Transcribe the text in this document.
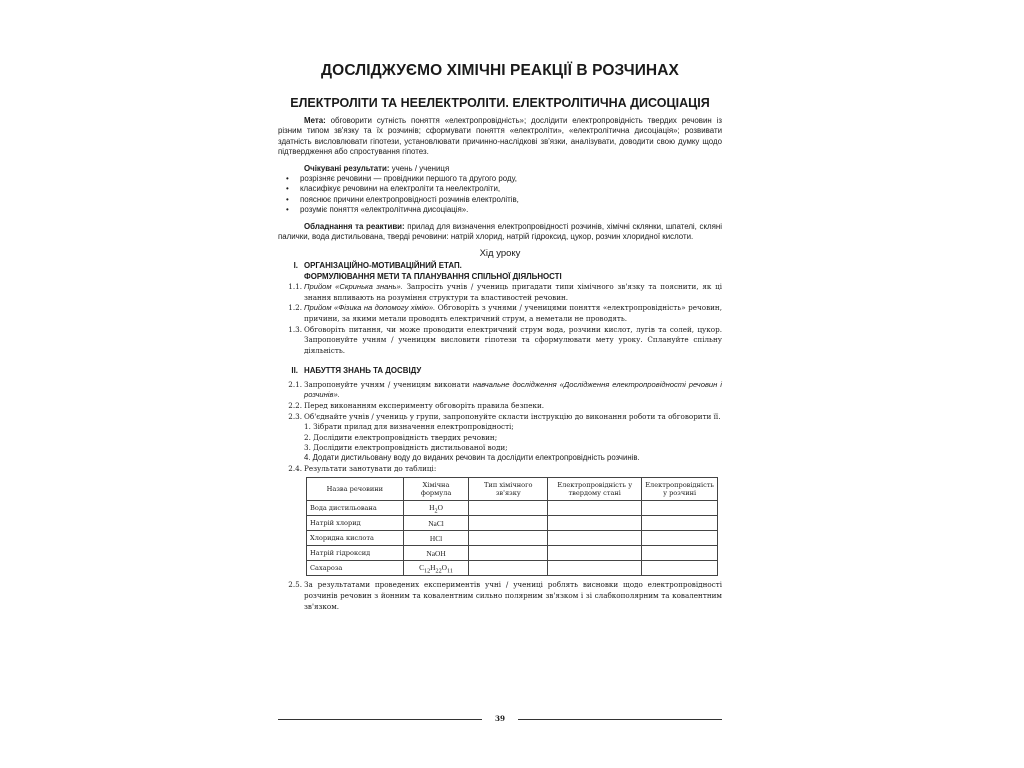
ДОСЛІДЖУЄМО ХІМІЧНІ РЕАКЦІЇ В РОЗЧИНАХ
ЕЛЕКТРОЛІТИ ТА НЕЕЛЕКТРОЛІТИ. ЕЛЕКТРОЛІТИЧНА ДИСОЦІАЦІЯ

Мета: обговорити сутність поняття «електропровідність»; дослідити електропровідність твердих речовин із різним типом зв'язку та їх розчинів; сформувати поняття «електроліти», «електролітична дисоціація»; розвивати здатність висловлювати гіпотези, установлювати причинно-наслідкові зв'язки, аналізувати, доводити свою думку щодо підтвердження або спростування гіпотез.

Очікувані результати: учень / учениця

• розрізняє речовини — провідники першого та другого роду,
• класифікує речовини на електроліти та неелектроліти,
• пояснює причини електропровідності розчинів електролітів,
• розуміє поняття «електролітична дисоціація».

Обладнання та реактиви: прилад для визначення електропровідності розчинів, хімічні склянки, шпателі, скляні палички, вода дистильована, тверді речовини: натрій хлорид, натрій гідроксид, цукор, розчин хлоридної кислоти.

Хід уроку

I. ОРГАНІЗАЦІЙНО-МОТИВАЦІЙНИЙ ЕТАП.

ФОРМУЛЮВАННЯ МЕТИ ТА ПЛАНУВАННЯ СПІЛЬНОЇ ДІЯЛЬНОСТІ

1.1. Прийом «Скринька знань». Запросіть учнів / учениць пригадати типи хімічного зв'язку та пояснити, як ці знання впливають на розуміння структури та властивостей речовин.

1.2. Прийом «Фізика на допомогу хімію». Обговоріть з учнями / ученицями поняття «електропровідність» речовин, причини, за якими метали проводять електричний струм, а неметали не проводять.

1.3. Обговоріть питання, чи може проводити електричний струм вода, розчини кислот, лугів та солей, цукор. Запропонуйте учням / ученицям висловити гіпотези та сформулювати мету уроку. Сплануйте спільну діяльність.

II. НАБУТТЯ ЗНАНЬ ТА ДОСВІДУ

2.1. Запропонуйте учням / ученицям виконати навчальне дослідження «Дослідження електропровідності речовин і розчинів».

2.2. Перед виконанням експерименту обговоріть правила безпеки.

2.3. Об'єднайте учнів / учениць у групи, запропонуйте скласти інструкцію до виконання роботи та обговорити її.

1. Зібрати прилад для визначення електропровідності;

2. Дослідити електропровідність твердих речовин;

3. Дослідити електропровідність дистильованої води;

4. Додати дистильовану воду до виданих речовин та дослідити електропровідність розчинів.

2.4. Результати занотувати до таблиці:

Назва речовини	Хімічна формула	Тип хімічного зв'язку	Електропровідність у твердому стані	Електропровідність у розчині
Вода дистильована	$H_2O$			
Натрій хлорид	NaCl			
Хлоридна кислота	HCl			
Натрій гідроксид	NaOH			
Сахароза	$C_{12}H_{22}O_{11}$			

2.5. За результатами проведених експериментів учні / учениці роблять висновки щодо електропровідності розчинів речовин з йонним та ковалентним сильно полярним зв'язком і зі слабкополярним та ковалентним зв'язком.

39
